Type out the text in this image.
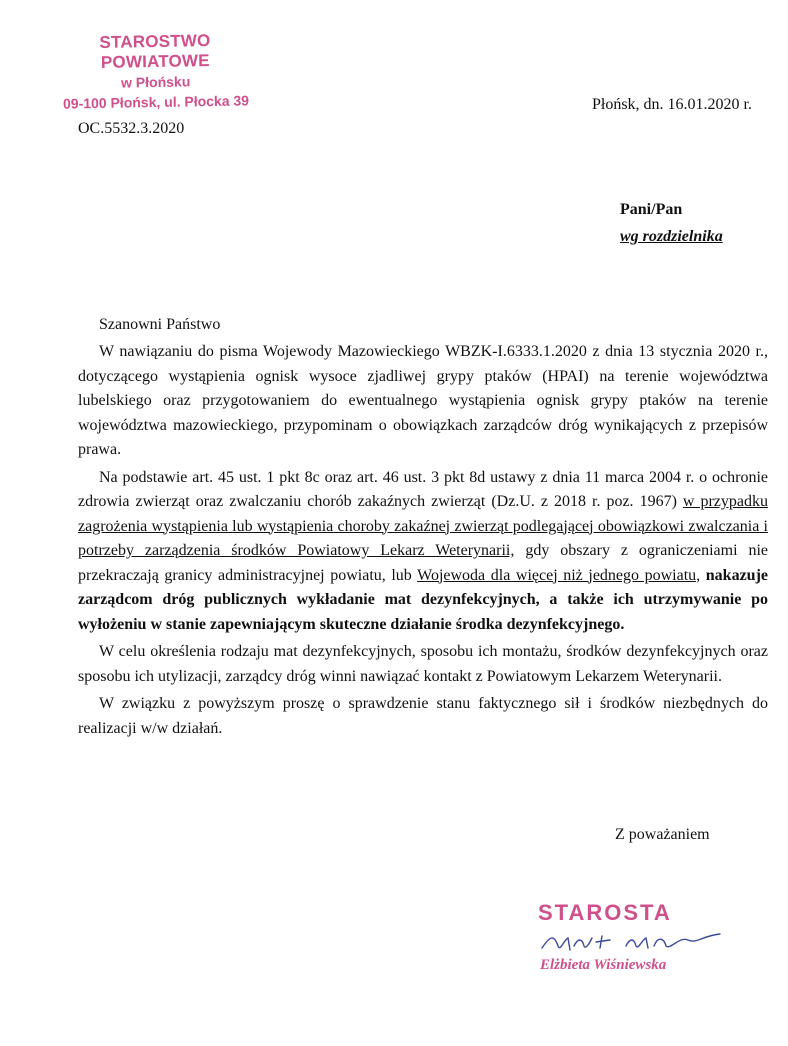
STAROSTWO POWIATOWE
w Płońsku
09-100 Płońsk, ul. Płocka 39	Płońsk, dn. 16.01.2020 r.
OC.5532.3.2020
Pani/Pan
wg rozdzielnika
Szanowni Państwo

W nawiązaniu do pisma Wojewody Mazowieckiego WBZK-I.6333.1.2020 z dnia 13 stycznia 2020 r., dotyczącego wystąpienia ognisk wysoce zjadliwej grypy ptaków (HPAI) na terenie województwa lubelskiego oraz przygotowaniem do ewentualnego wystąpienia ognisk grypy ptaków na terenie województwa mazowieckiego, przypominam o obowiązkach zarządców dróg wynikających z przepisów prawa.

Na podstawie art. 45 ust. 1 pkt 8c oraz art. 46 ust. 3 pkt 8d ustawy z dnia 11 marca 2004 r. o ochronie zdrowia zwierząt oraz zwalczaniu chorób zakaźnych zwierząt (Dz.U. z 2018 r. poz. 1967) w przypadku zagrożenia wystąpienia lub wystąpienia choroby zakaźnej zwierząt podlegającej obowiązkowi zwalczania i potrzeby zarządzenia środków Powiatowy Lekarz Weterynarii, gdy obszary z ograniczeniami nie przekraczają granicy administracyjnej powiatu, lub Wojewoda dla więcej niż jednego powiatu, nakazuje zarządcom dróg publicznych wykładanie mat dezynfekcyjnych, a także ich utrzymywanie po wyłożeniu w stanie zapewniającym skuteczne działanie środka dezynfekcyjnego.

W celu określenia rodzaju mat dezynfekcyjnych, sposobu ich montażu, środków dezynfekcyjnych oraz sposobu ich utylizacji, zarządcy dróg winni nawiązać kontakt z Powiatowym Lekarzem Weterynarii.

W związku z powyższym proszę o sprawdzenie stanu faktycznego sił i środków niezbędnych do realizacji w/w działań.

Z poważaniem
STAROSTA
Elżbieta Wiśniewska
